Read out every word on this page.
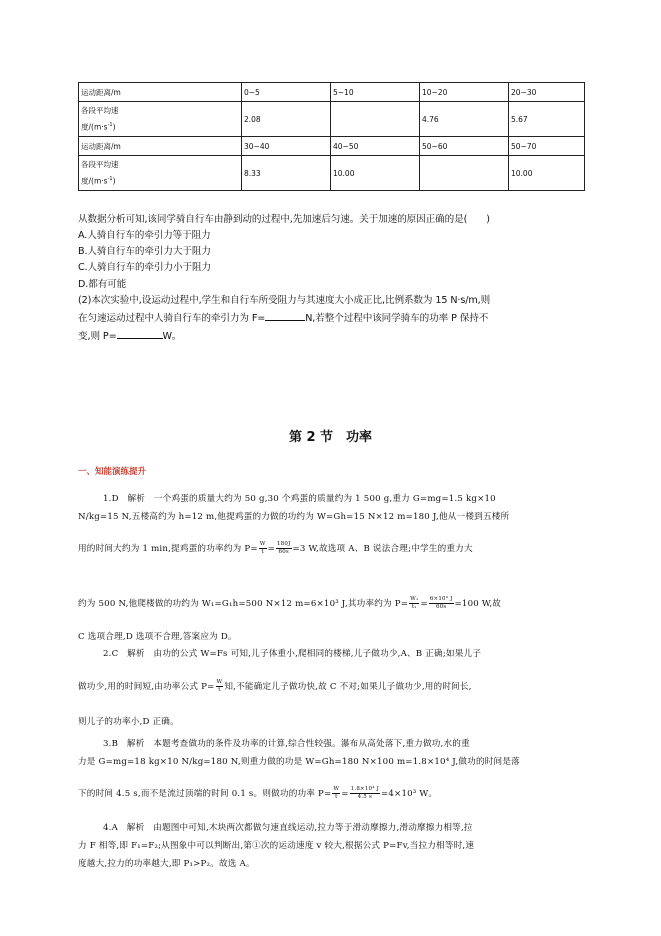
运动距离/m	0~5	5~10	10~20	20~30
各段平均速
度$/(m\cdot s^{-1})$	2.08		4.76	5.67
运动距离/m	30~40	40~50	50~60	50~70
各段平均速
度$/(m\cdot s^{-1})$	8.33	10.00		10.00
从数据分析可知,该同学骑自行车由静到动的过程中,先加速后匀速。关于加速的原因正确的是(　　)
A.人骑自行车的牵引力等于阻力
B.人骑自行车的牵引力大于阻力
C.人骑自行车的牵引力小于阻力
D.都有可能
(2)本次实验中,设运动过程中,学生和自行车所受阻力与其速度大小成正比,比例系数为 15 N·s/m,则
在匀速运动过程中人骑自行车的牵引力为 F=	N,若整个过程中该同学骑车的功率 P 保持不
变,则 P=	W。
第 2 节　功率
一、知能演练提升
1.D　解析　一个鸡蛋的质量大约为 50 g,30 个鸡蛋的质量约为 1 500 g,重力 G=mg=1.5 kg×10
N/kg=15 N,五楼高约为 h=12 m,他提鸡蛋的力做的功约为 W=Gh=15 N×12 m=180 J,他从一楼到五楼所
用的时间大约为 1 min,提鸡蛋的功率约为 $P= \frac{W}{t} = \frac{180J}{60s} =3$ W,故选项 A、B 说法合理;中学生的重力大
约为 500 N,他爬楼做的功约为 W₁=G₁h=500 N×12 m=6×10³ J,其功率约为 $P= \frac{\text{W₁}}{\text{t₁}} = \frac{\text{6×10³ J}}{60s} =100$ W,故
C 选项合理,D 选项不合理,答案应为 D。
2.C　解析　由功的公式 W=Fs 可知,儿子体重小,爬相同的楼梯,儿子做功少,A、B 正确;如果儿子
做功少,用的时间短,由功率公式 $P= \frac{W}{t}$ 知,不能确定儿子做功快,故 C 不对;如果儿子做功少,用的时间长,
则儿子的功率小,D 正确。
3.B　解析　本题考查做功的条件及功率的计算,综合性较强。瀑布从高处落下,重力做功,水的重
力是 G=mg=18 kg×10 N/kg=180 N,则重力做的功是 W=Gh=180 N×100 m=1.8×10⁴ J,做功的时间是落
下的时间 4.5 s,而不是流过顶端的时间 0.1 s。则做功的功率 $P= \frac{W}{t} = \frac{\text{1.8×10⁴ J}}{4.5 s} =4\times 10^3$ W。
4.A　解析　由题图中可知,木块两次都做匀速直线运动,拉力等于滑动摩擦力,滑动摩擦力相等,拉
力 F 相等,即 F₁=F₂;从图象中可以判断出,第①次的运动速度 v 较大,根据公式 P=Fv,当拉力相等时,速
度越大,拉力的功率越大,即 P₁>P₂。故选 A。
